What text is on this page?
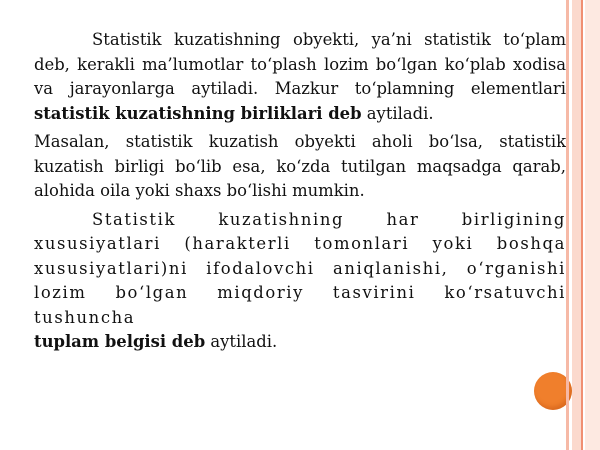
Statistik kuzatishning obyekti, ya’ni statistik to‘plam deb, kerakli ma’lumotlar to‘plash lozim bo‘lgan ko‘plab xodisa va jarayonlarga aytiladi. Mazkur to‘plamning elementlari statistik kuzatishning birliklari deb aytiladi.

Masalan, statistik kuzatish obyekti aholi bo‘lsa, statistik kuzatish birligi bo‘lib esa, ko‘zda tutilgan maqsadga qarab, alohida oila yoki shaxs bo‘lishi mumkin.

Statistik kuzatishning har birligining xususiyatlari (harakterli tomonlari yoki boshqa xususiyatlari)ni ifodalovchi aniqlanishi, o‘rganishi lozim bo‘lgan miqdoriy tasvirini ko‘rsatuvchi tushuncha

tuplam belgisi deb aytiladi.
